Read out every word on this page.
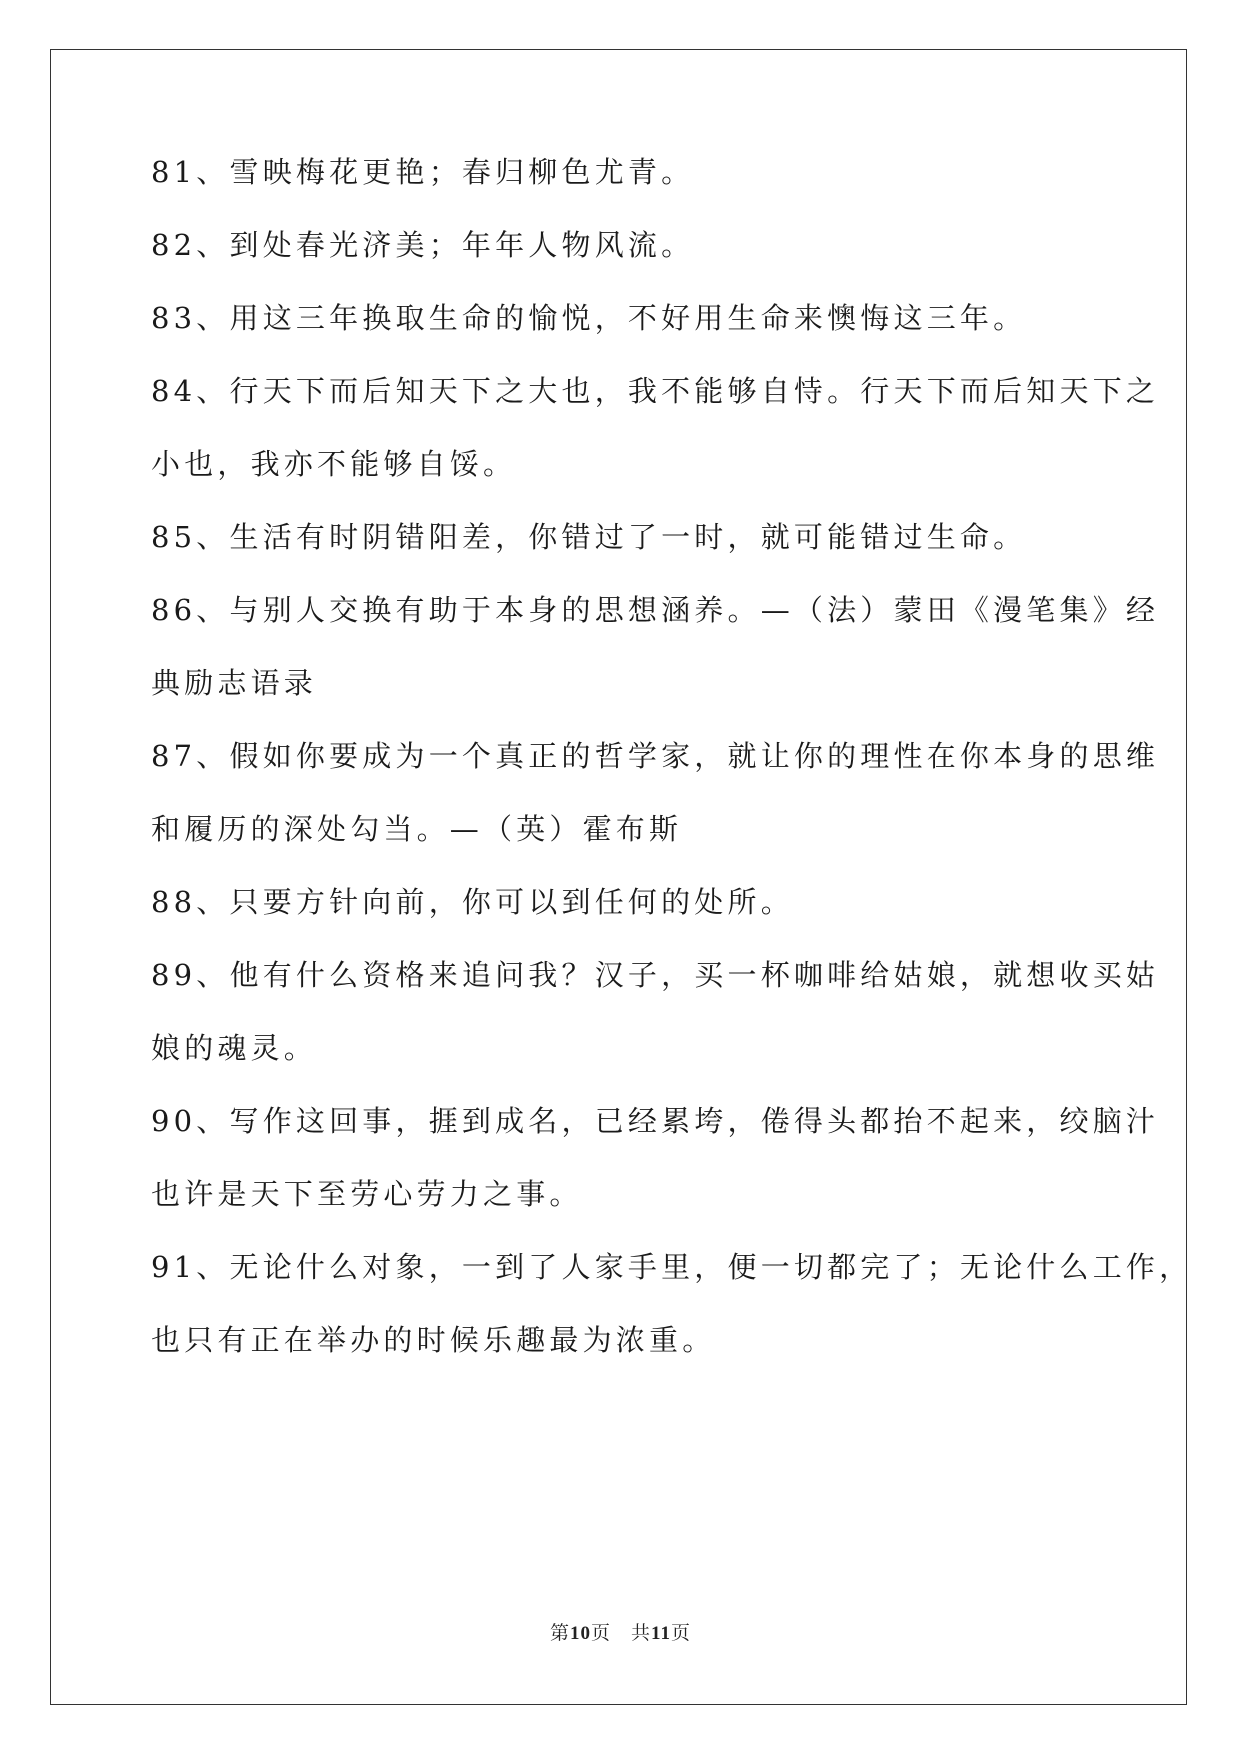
81、雪映梅花更艳；春归柳色尤青。
82、到处春光济美；年年人物风流。
83、用这三年换取生命的愉悦，不好用生命来懊悔这三年。
84、行天下而后知天下之大也，我不能够自恃。行天下而后知天下之
小也，我亦不能够自馁。
85、生活有时阴错阳差，你错过了一时，就可能错过生命。
86、与别人交换有助于本身的思想涵养。—（法）蒙田《漫笔集》经
典励志语录
87、假如你要成为一个真正的哲学家，就让你的理性在你本身的思维
和履历的深处勾当。—（英）霍布斯
88、只要方针向前，你可以到任何的处所。
89、他有什么资格来追问我？汉子，买一杯咖啡给姑娘，就想收买姑
娘的魂灵。
90、写作这回事，捱到成名，已经累垮，倦得头都抬不起来，绞脑汁
也许是天下至劳心劳力之事。
91、无论什么对象，一到了人家手里，便一切都完了；无论什么工作，
也只有正在举办的时候乐趣最为浓重。
第10页　共11页
